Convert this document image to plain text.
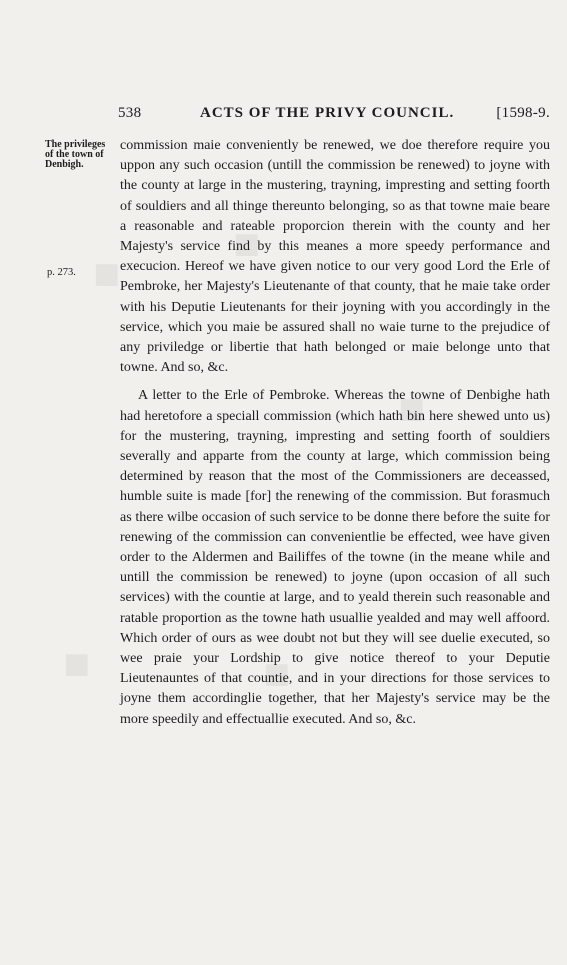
◆
◆
◆
◆	◆
538	ACTS OF THE PRIVY COUNCIL.	[1598-9.
The privileges of the town of Denbigh.
p. 273.

commission maie conveniently be renewed, we doe therefore require you uppon any such occasion (untill the commission be renewed) to joyne with the county at large in the mustering, trayning, impresting and setting foorth of souldiers and all thinge thereunto belonging, so as that towne maie beare a reasonable and rateable proporcion therein with the county and her Majesty's service find by this meanes a more speedy performance and execucion. Hereof we have given notice to our very good Lord the Erle of Pembroke, her Majesty's Lieutenante of that county, that he maie take order with his Deputie Lieutenants for their joyning with you accordingly in the service, which you maie be assured shall no waie turne to the prejudice of any priviledge or libertie that hath belonged or maie belonge unto that towne. And so, &c.

A letter to the Erle of Pembroke. Whereas the towne of Denbighe hath had heretofore a speciall commission (which hath bin here shewed unto us) for the mustering, trayning, impresting and setting foorth of souldiers severally and apparte from the county at large, which commission being determined by reason that the most of the Commissioners are deceassed, humble suite is made [for] the renewing of the commission. But forasmuch as there wilbe occasion of such service to be donne there before the suite for renewing of the commission can convenientlie be effected, wee have given order to the Aldermen and Bailiffes of the towne (in the meane while and untill the commission be renewed) to joyne (upon occasion of all such services) with the countie at large, and to yeald therein such reasonable and ratable proportion as the towne hath usuallie yealded and may well affoord. Which order of ours as wee doubt not but they will see duelie executed, so wee praie your Lordship to give notice thereof to your Deputie Lieutenauntes of that countie, and in your directions for those services to joyne them accordinglie together, that her Majesty's service may be the more speedily and effectuallie executed. And so, &c.
